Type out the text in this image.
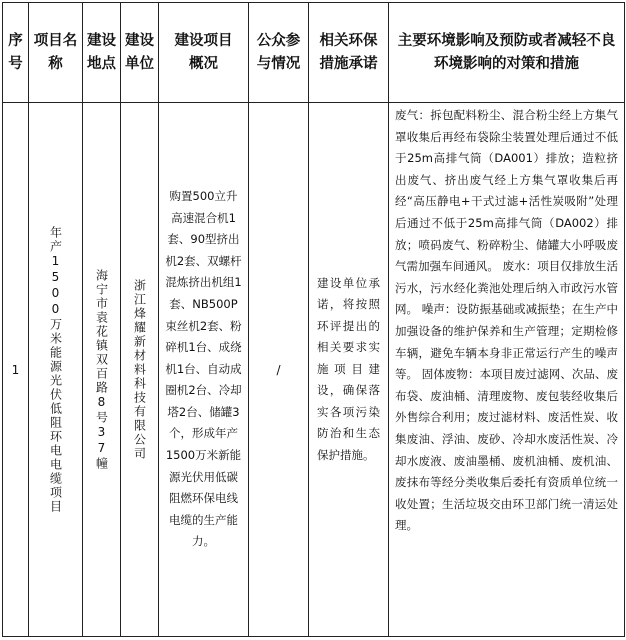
序号	项目名称	建设地点	建设单位	建设项目概况	公众参与情况	相关环保措施承诺	主要环境影响及预防或者减轻不良环境影响的对策和措施
1	年产1500万米能源光伏低阻环电电缆项目	海宁市袁花镇双百路8号37幢	浙江烽耀新材料科技有限公司	购置500立升高速混合机1套、90型挤出机2套、双螺杆混炼挤出机组1套、NB500P束丝机2套、粉碎机1台、成绕机1台、自动成圈机2台、冷却塔2台、储罐3个，形成年产1500万米新能源光伏用低碳阻燃环保电线电缆的生产能力。	/	建设单位承诺，将按照环评提出的相关要求实施项目建设，确保落实各项污染防治和生态保护措施。	废气：拆包配料粉尘、混合粉尘经上方集气罩收集后再经布袋除尘装置处理后通过不低于25m高排气筒（DA001）排放；造粒挤出废气、挤出废气经上方集气罩收集后再经“高压静电+干式过滤+活性炭吸附”处理后通过不低于25m高排气筒（DA002）排放；喷码废气、粉碎粉尘、储罐大小呼吸废气需加强车间通风。 废水：项目仅排放生活污水，污水经化粪池处理后纳入市政污水管网。 噪声：设防振基础或减振垫；在生产中加强设备的维护保养和生产管理；定期检修车辆，避免车辆本身非正常运行产生的噪声等。 固体废物：本项目废过滤网、次品、废布袋、废油桶、清理废物、废包装经收集后外售综合利用；废过滤材料、废活性炭、收集废油、浮油、废砂、冷却水废活性炭、冷却水废液、废油墨桶、废机油桶、废机油、废抹布等经分类收集后委托有资质单位统一收处置；生活垃圾交由环卫部门统一清运处理。
